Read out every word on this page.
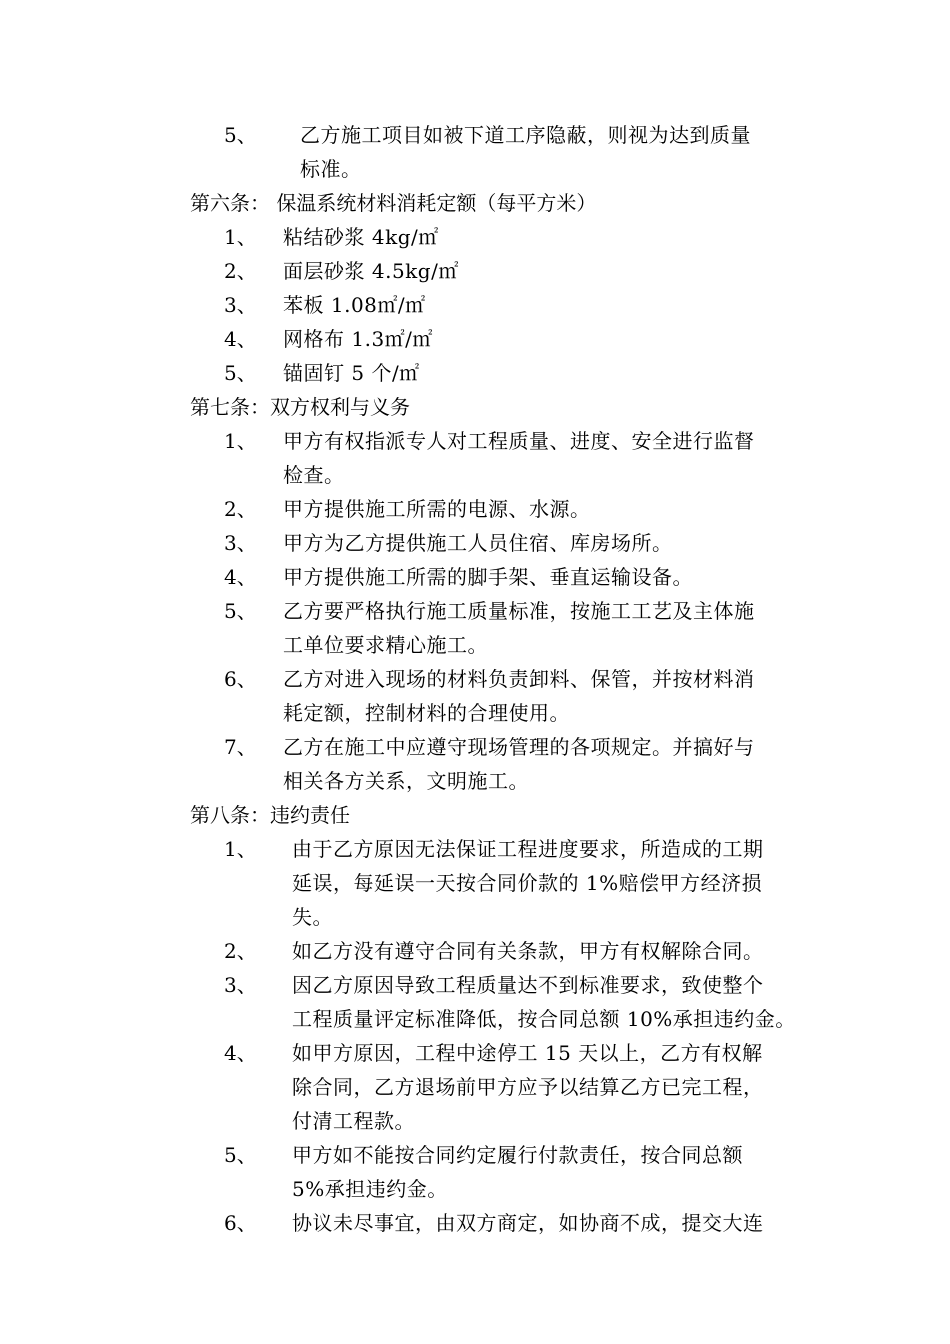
5、 乙方施工项目如被下道工序隐蔽，则视为达到质量
标准。
第六条： 保温系统材料消耗定额（每平方米）
1、 粘结砂浆 4kg/㎡
2、 面层砂浆 4.5kg/㎡
3、 苯板 1.08㎡/㎡
4、 网格布 1.3㎡/㎡
5、 锚固钉 5 个/㎡
第七条：双方权利与义务
1、 甲方有权指派专人对工程质量、进度、安全进行监督
检查。
2、 甲方提供施工所需的电源、水源。
3、 甲方为乙方提供施工人员住宿、库房场所。
4、 甲方提供施工所需的脚手架、垂直运输设备。
5、 乙方要严格执行施工质量标准，按施工工艺及主体施
工单位要求精心施工。
6、 乙方对进入现场的材料负责卸料、保管，并按材料消
耗定额，控制材料的合理使用。
7、 乙方在施工中应遵守现场管理的各项规定。并搞好与
相关各方关系，文明施工。
第八条：违约责任
1、 由于乙方原因无法保证工程进度要求，所造成的工期
延误，每延误一天按合同价款的 1%赔偿甲方经济损
失。
2、 如乙方没有遵守合同有关条款，甲方有权解除合同。
3、 因乙方原因导致工程质量达不到标准要求，致使整个
工程质量评定标准降低，按合同总额 10%承担违约金。
4、 如甲方原因，工程中途停工 15 天以上，乙方有权解
除合同，乙方退场前甲方应予以结算乙方已完工程，
付清工程款。
5、 甲方如不能按合同约定履行付款责任，按合同总额
5%承担违约金。
6、 协议未尽事宜，由双方商定，如协商不成，提交大连
